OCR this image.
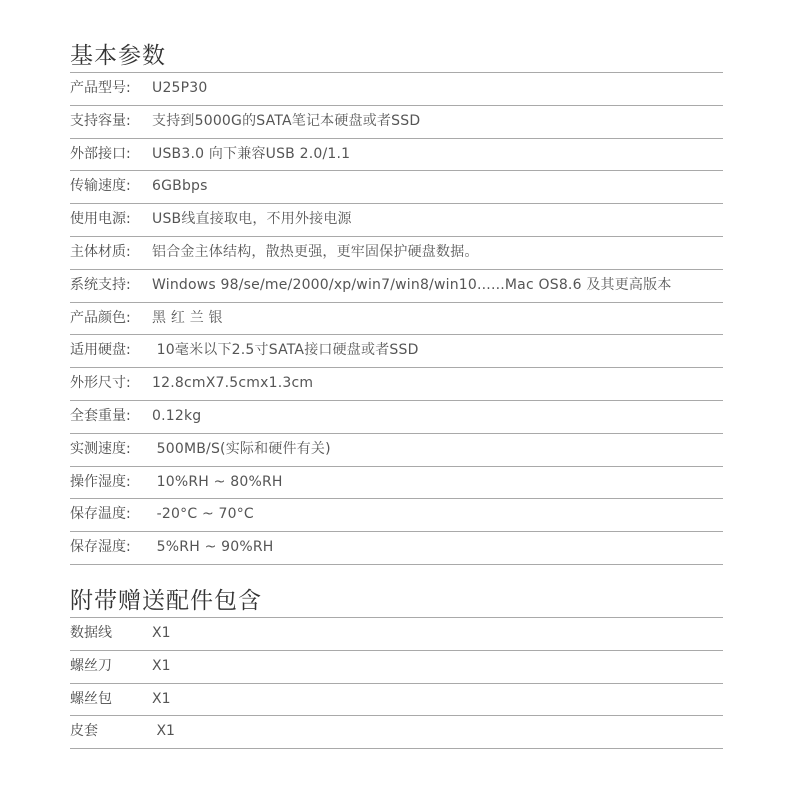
基本参数
产品型号: U25P30
支持容量: 支持到5000G的SATA笔记本硬盘或者SSD
外部接口: USB3.0 向下兼容USB 2.0/1.1
传输速度: 6GBbps
使用电源: USB线直接取电，不用外接电源
主体材质: 铝合金主体结构，散热更强，更牢固保护硬盘数据。
系统支持: Windows 98/se/me/2000/xp/win7/win8/win10......Mac OS8.6 及其更高版本
产品颜色: 黑 红 兰 银
适用硬盘: 10毫米以下2.5寸SATA接口硬盘或者SSD
外形尺寸: 12.8cmX7.5cmx1.3cm
全套重量: 0.12kg
实测速度: 500MB/S(实际和硬件有关)
操作湿度: 10%RH ~ 80%RH
保存温度: -20°C ~ 70°C
保存湿度: 5%RH ~ 90%RH
附带赠送配件包含
数据线	X1
螺丝刀	X1
螺丝包	X1
皮套	X1
